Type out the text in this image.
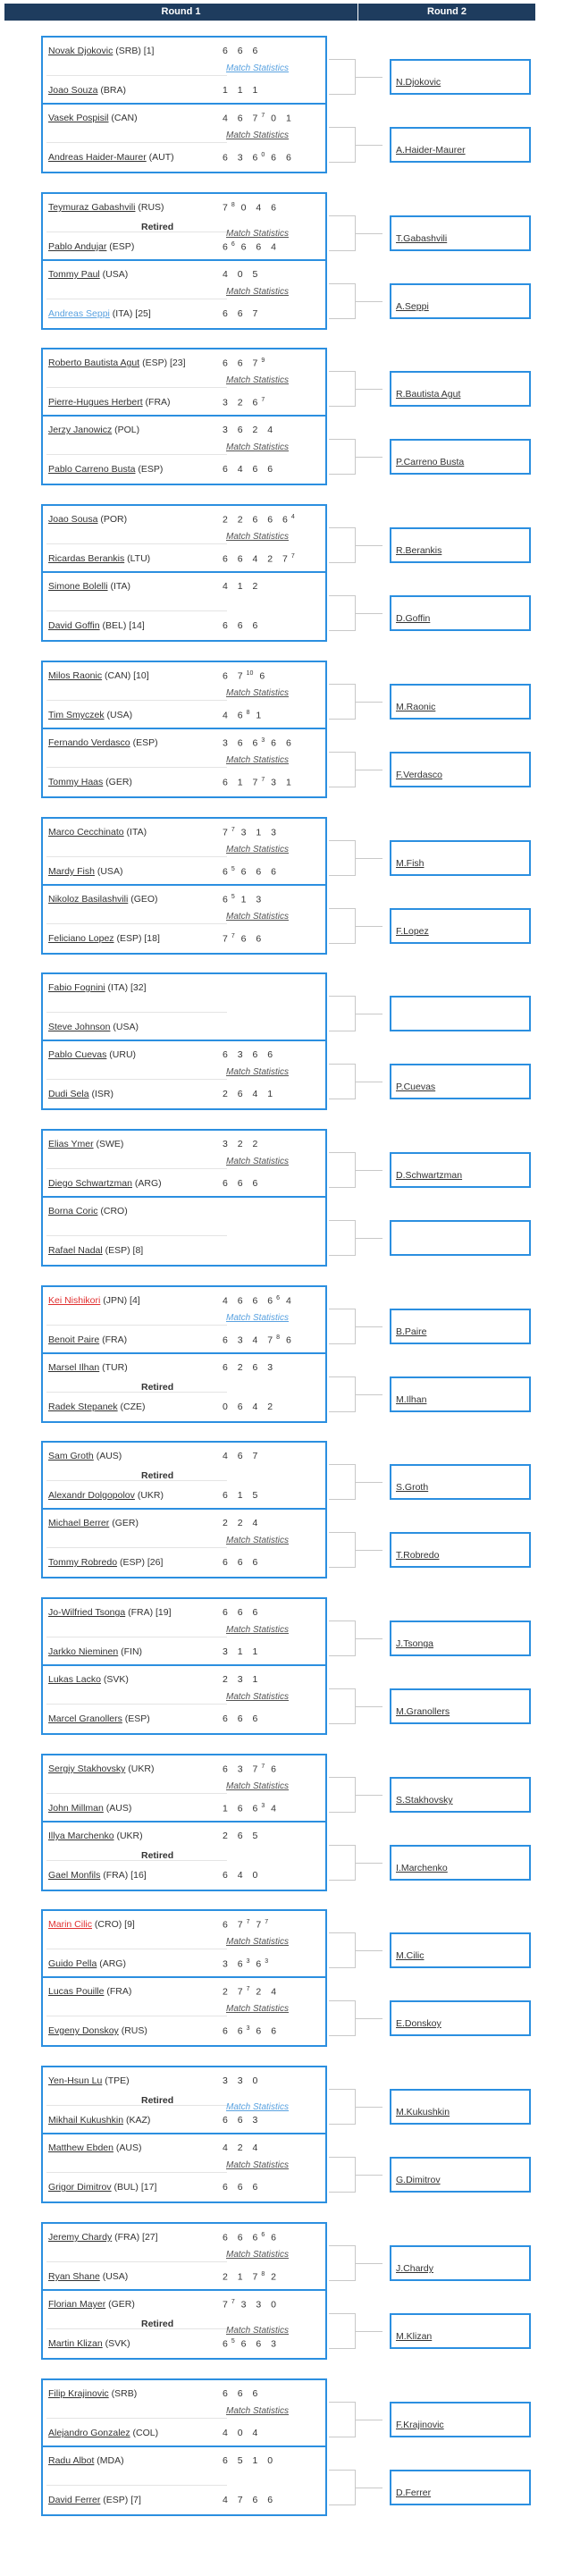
Round 1	Round 2
Novak Djokovic (SRB) [1]	6 6 6
Joao Souza (BRA)	1 1 1
Match Statistics
Vasek Pospisil (CAN)	4 6 $7^7$ 0 1
Andreas Haider-Maurer (AUT)	6 3 $6^0$ 6 6
Match Statistics
N.Djokovic
A.Haider-Maurer
Teymuraz Gabashvili (RUS)	$7^8$ 0 4 6
Pablo Andujar (ESP)	$6^6$ 6 6 4
Retired
Match Statistics
Tommy Paul (USA)	4 0 5
Andreas Seppi (ITA) [25]	6 6 7
Match Statistics
T.Gabashvili
A.Seppi
Roberto Bautista Agut (ESP) [23]	6 6 $7^9$
Pierre-Hugues Herbert (FRA)	3 2 $6^7$
Match Statistics
Jerzy Janowicz (POL)	3 6 2 4
Pablo Carreno Busta (ESP)	6 4 6 6
Match Statistics
R.Bautista Agut
P.Carreno Busta
Joao Sousa (POR)	2 2 6 6 $6^4$
Ricardas Berankis (LTU)	6 6 4 2 $7^7$
Match Statistics
Simone Bolelli (ITA)	4 1 2
David Goffin (BEL) [14]	6 6 6
R.Berankis
D.Goffin
Milos Raonic (CAN) [10]	6 $7^{10}$ 6
Tim Smyczek (USA)	4 $6^8$ 1
Match Statistics
Fernando Verdasco (ESP)	3 6 $6^3$ 6 6
Tommy Haas (GER)	6 1 $7^7$ 3 1
Match Statistics
M.Raonic
F.Verdasco
Marco Cecchinato (ITA)	$7^7$ 3 1 3
Mardy Fish (USA)	$6^5$ 6 6 6
Match Statistics
Nikoloz Basilashvili (GEO)	$6^5$ 1 3
Feliciano Lopez (ESP) [18]	$7^7$ 6 6
Match Statistics
M.Fish
F.Lopez
Fabio Fognini (ITA) [32]
Steve Johnson (USA)
Pablo Cuevas (URU)	6 3 6 6
Dudi Sela (ISR)	2 6 4 1
Match Statistics
P.Cuevas
Elias Ymer (SWE)	3 2 2
Diego Schwartzman (ARG)	6 6 6
Match Statistics
Borna Coric (CRO)
Rafael Nadal (ESP) [8]
D.Schwartzman
Kei Nishikori (JPN) [4]	4 6 6 $6^6$ 4
Benoit Paire (FRA)	6 3 4 $7^8$ 6
Match Statistics
Marsel Ilhan (TUR)	6 2 6 3
Radek Stepanek (CZE)	0 6 4 2
Retired
B.Paire
M.Ilhan
Sam Groth (AUS)	4 6 7
Alexandr Dolgopolov (UKR)	6 1 5
Retired
Michael Berrer (GER)	2 2 4
Tommy Robredo (ESP) [26]	6 6 6
Match Statistics
S.Groth
T.Robredo
Jo-Wilfried Tsonga (FRA) [19]	6 6 6
Jarkko Nieminen (FIN)	3 1 1
Match Statistics
Lukas Lacko (SVK)	2 3 1
Marcel Granollers (ESP)	6 6 6
Match Statistics
J.Tsonga
M.Granollers
Sergiy Stakhovsky (UKR)	6 3 $7^7$ 6
John Millman (AUS)	1 6 $6^3$ 4
Match Statistics
Illya Marchenko (UKR)	2 6 5
Gael Monfils (FRA) [16]	6 4 0
Retired
S.Stakhovsky
I.Marchenko
Marin Cilic (CRO) [9]	6 $7^7$ $7^7$
Guido Pella (ARG)	3 $6^3$ $6^3$
Match Statistics
Lucas Pouille (FRA)	2 $7^7$ 2 4
Evgeny Donskoy (RUS)	6 $6^3$ 6 6
Match Statistics
M.Cilic
E.Donskoy
Yen-Hsun Lu (TPE)	3 3 0
Mikhail Kukushkin (KAZ)	6 6 3
Retired
Match Statistics
Matthew Ebden (AUS)	4 2 4
Grigor Dimitrov (BUL) [17]	6 6 6
Match Statistics
M.Kukushkin
G.Dimitrov
Jeremy Chardy (FRA) [27]	6 6 $6^6$ 6
Ryan Shane (USA)	2 1 $7^8$ 2
Match Statistics
Florian Mayer (GER)	$7^7$ 3 3 0
Martin Klizan (SVK)	$6^5$ 6 6 3
Retired
Match Statistics
J.Chardy
M.Klizan
Filip Krajinovic (SRB)	6 6 6
Alejandro Gonzalez (COL)	4 0 4
Match Statistics
Radu Albot (MDA)	6 5 1 0
David Ferrer (ESP) [7]	4 7 6 6
F.Krajinovic
D.Ferrer
